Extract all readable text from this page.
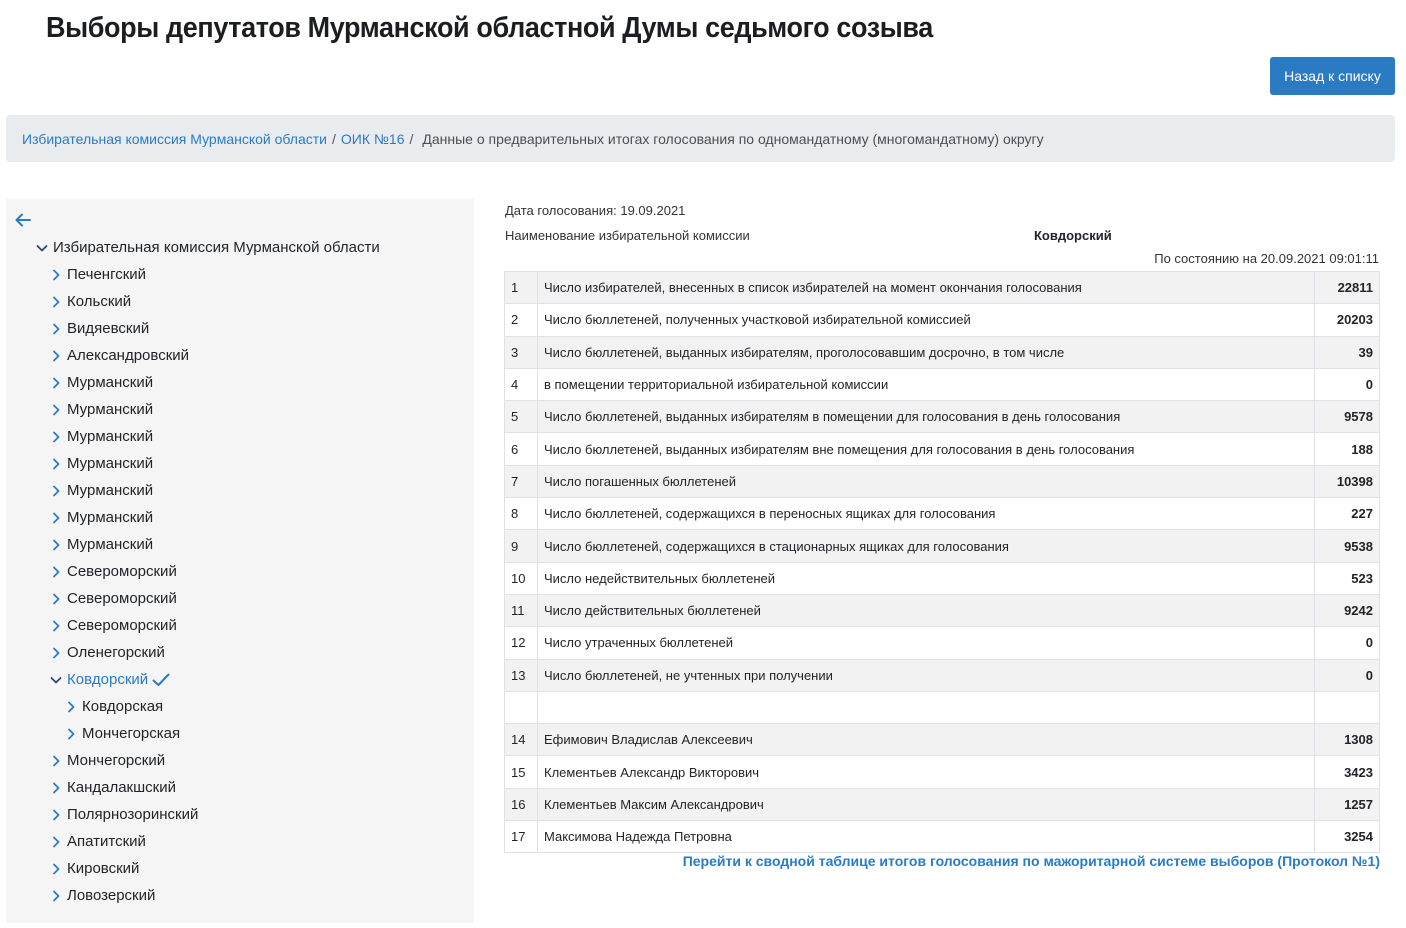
Выборы депутатов Мурманской областной Думы седьмого созыва
Назад к списку
Избирательная комиссия Мурманской области / ОИК №16 / Данные о предварительных итогах голосования по одномандатному (многомандатному) округу
Избирательная комиссия Мурманской области
Печенгский
Кольский
Видяевский
Александровский
Мурманский
Мурманский
Мурманский
Мурманский
Мурманский
Мурманский
Мурманский
Североморский
Североморский
Североморский
Оленегорский
Ковдорский
Ковдорская
Мончегорская
Мончегорский
Кандалакшский
Полярнозоринский
Апатитский
Кировский
Ловозерский
Дата голосования: 19.09.2021
Наименование избирательной комиссии	Ковдорский
По состоянию на 20.09.2021 09:01:11
1	Число избирателей, внесенных в список избирателей на момент окончания голосования	22811
2	Число бюллетеней, полученных участковой избирательной комиссией	20203
3	Число бюллетеней, выданных избирателям, проголосовавшим досрочно, в том числе	39
4	в помещении территориальной избирательной комиссии	0
5	Число бюллетеней, выданных избирателям в помещении для голосования в день голосования	9578
6	Число бюллетеней, выданных избирателям вне помещения для голосования в день голосования	188
7	Число погашенных бюллетеней	10398
8	Число бюллетеней, содержащихся в переносных ящиках для голосования	227
9	Число бюллетеней, содержащихся в стационарных ящиках для голосования	9538
10	Число недействительных бюллетеней	523
11	Число действительных бюллетеней	9242
12	Число утраченных бюллетеней	0
13	Число бюллетеней, не учтенных при получении	0

14	Ефимович Владислав Алексеевич	1308
15	Клементьев Александр Викторович	3423
16	Клементьев Максим Александрович	1257
17	Максимова Надежда Петровна	3254
Перейти к сводной таблице итогов голосования по мажоритарной системе выборов (Протокол №1)
